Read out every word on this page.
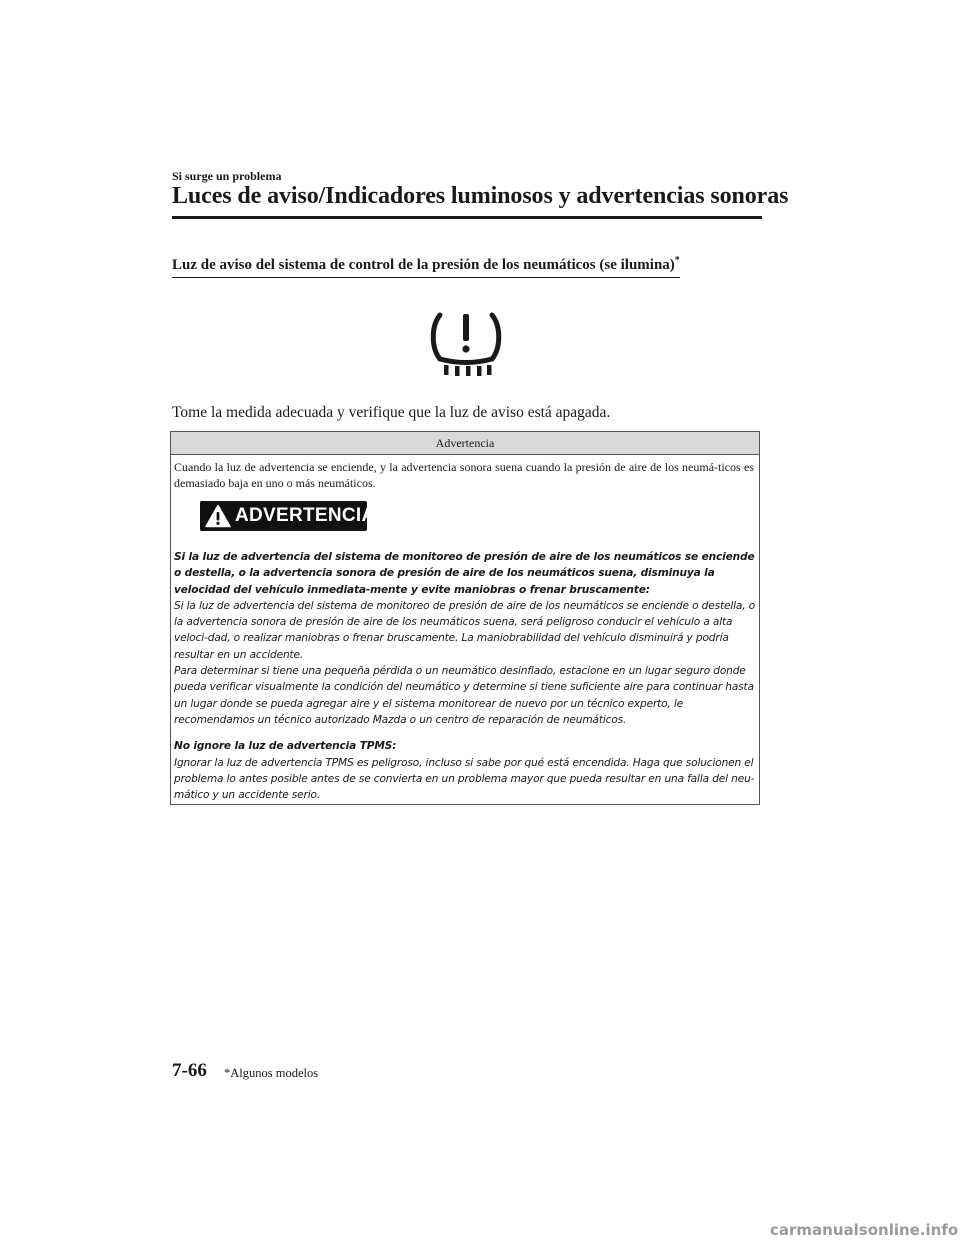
Si surge un problema
Luces de aviso/Indicadores luminosos y advertencias sonoras
Luz de aviso del sistema de control de la presión de los neumáticos (se ilumina)*
Tome la medida adecuada y verifique que la luz de aviso está apagada.
Advertencia
Cuando la luz de advertencia se enciende, y la advertencia sonora suena cuando la presión de aire de los neumá-ticos es demasiado baja en uno o más neumáticos.
ADVERTENCIA

Si la luz de advertencia del sistema de monitoreo de presión de aire de los neumáticos se enciende o destella, o la advertencia sonora de presión de aire de los neumáticos suena, disminuya la velocidad del vehículo inmediata-mente y evite maniobras o frenar bruscamente:

Si la luz de advertencia del sistema de monitoreo de presión de aire de los neumáticos se enciende o destella, o la advertencia sonora de presión de aire de los neumáticos suena, será peligroso conducir el vehículo a alta veloci-dad, o realizar maniobras o frenar bruscamente. La maniobrabilidad del vehículo disminuirá y podría resultar en un accidente.

Para determinar si tiene una pequeña pérdida o un neumático desinflado, estacione en un lugar seguro donde pueda verificar visualmente la condición del neumático y determine si tiene suficiente aire para continuar hasta un lugar donde se pueda agregar aire y el sistema monitorear de nuevo por un técnico experto, le recomendamos un técnico autorizado Mazda o un centro de reparación de neumáticos.

No ignore la luz de advertencia TPMS:

Ignorar la luz de advertencia TPMS es peligroso, incluso si sabe por qué está encendida. Haga que solucionen el problema lo antes posible antes de se convierta en un problema mayor que pueda resultar en una falla del neu-mático y un accidente serio.

7-66 *Algunos modelos
carmanualsonline.info
